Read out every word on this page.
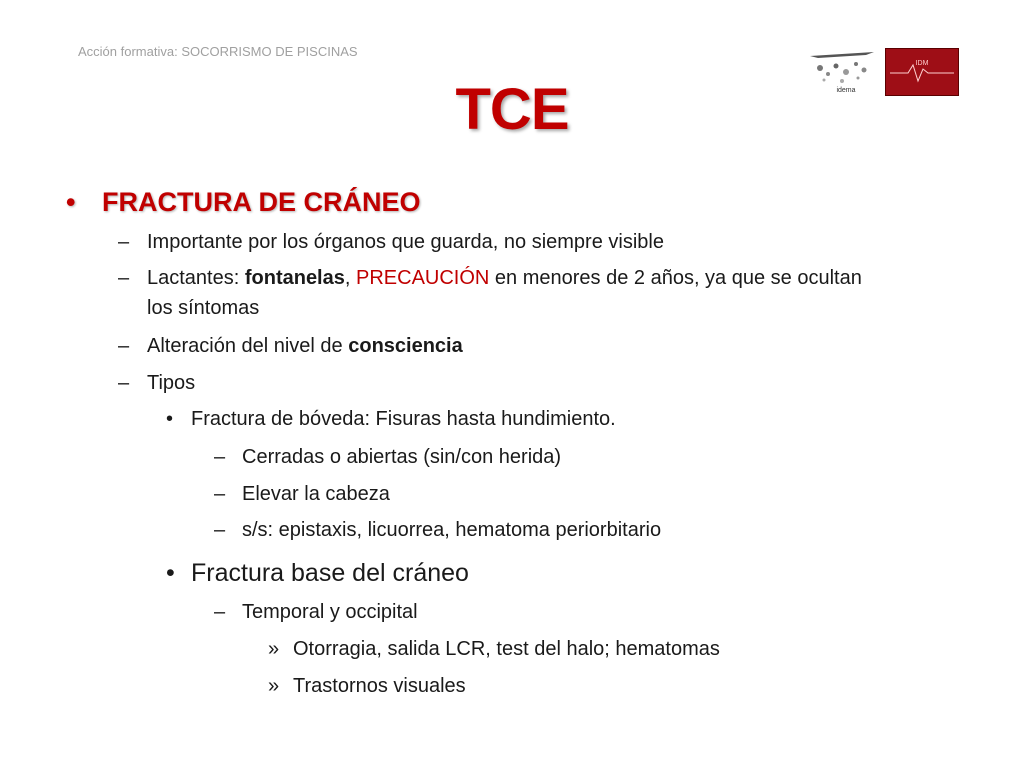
Acción formativa: SOCORRISMO DE PISCINAS
idema
IDM
TCE
• FRACTURA DE CRÁNEO
– Importante por los órganos que guarda, no siempre visible
– Lactantes: fontanelas, PRECAUCIÓN en menores de 2 años, ya que se ocultan
los síntomas
– Alteración del nivel de consciencia
– Tipos
• Fractura de bóveda: Fisuras hasta hundimiento.
– Cerradas o abiertas (sin/con herida)
– Elevar la cabeza
– s/s: epistaxis, licuorrea, hematoma periorbitario
• Fractura base del cráneo
– Temporal y occipital
» Otorragia, salida LCR, test del halo; hematomas
» Trastornos visuales
